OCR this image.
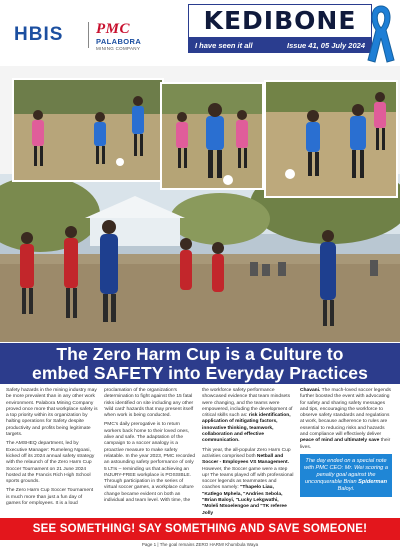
HBIS PMC
PALABORA
MINING COMPANY
KEDIBONE
I have seen it all	Issue 41, 05 July 2024
The Zero Harm Cup is a Culture to
embed SAFETY into Everyday Practices

Safety hazards in the mining industry may be more prevalent than in any other work environment. Palabora Mining Company proved once more that workplace safety is a top priority within its organization by halting operations for Safety despite productivity and profits being legitimate targets.

The AMSHEQ department, led by Executive Manager: Rumeleng Ngoasi, kicked off its 2024 annual safety strategy with the relaunch of the Zero Harm Cup Soccer Tournament on 21 June 2024 hosted at the Francis Rich High School sports grounds.

The Zero Harm Cup Soccer Tournament is much more than just a fun day of games for employees. It is a loud

proclamation of the organization's determination to fight against the 15 fatal risks identified on site including any other 'wild card' hazards that may present itself when work is being conducted.

PMC's daily prerogative is to return workers back home to their loved ones, alive and safe. The adaptation of the campaign to a soccer analogy is a proactive measure to make safety relatable. In the year 2023, PMC recorded an astounding safety performance of only 5 LTIs – reminding us that achieving an INJURY-FREE workplace is POSSIBLE. Through participation in the series of virtual soccer games, a workplace culture change became evident on both an individual and team level. With time, the

the workforce safety performance showcased evidence that team mindsets were changing, and the teams were empowered, including the development of critical skills such as: risk identification, application of mitigating factors, innovative thinking, teamwork, collaboration and effective communication.

This year, the all-popular Zero Harm Cup activities comprised both Netball and Soccer - Employees VS Management. However, the Soccer game were a step up! The teams played off with professional soccer legends as teammates and coaches namely: "Thapelo Liau, "Katlego Mphela, "Andries Sebola, "Brian Baloyi, "Lucky Lekgwathi, "Moleli Ntsoelengoe and "TK referee Jolly

Chavani. The much-loved soccer legends further boosted the event with advocating for safety and sharing safety messages and tips, encouraging the workforce to observe safety standards and regulations at work, because adherence to rules are essential to reducing risks and hazards and compliance will effectively deliver peace of mind and ultimately save their lives.

The day ended on a special note with PMC CEO: Mr. Wei scoring a penalty goal against the unconquerable Brian Spiderman Baloyi.
SEE SOMETHING! SAY SOMETHING AND SAVE SOMEONE!
Page 1 | The goal remains ZERO HARM! Khumbula Waya
